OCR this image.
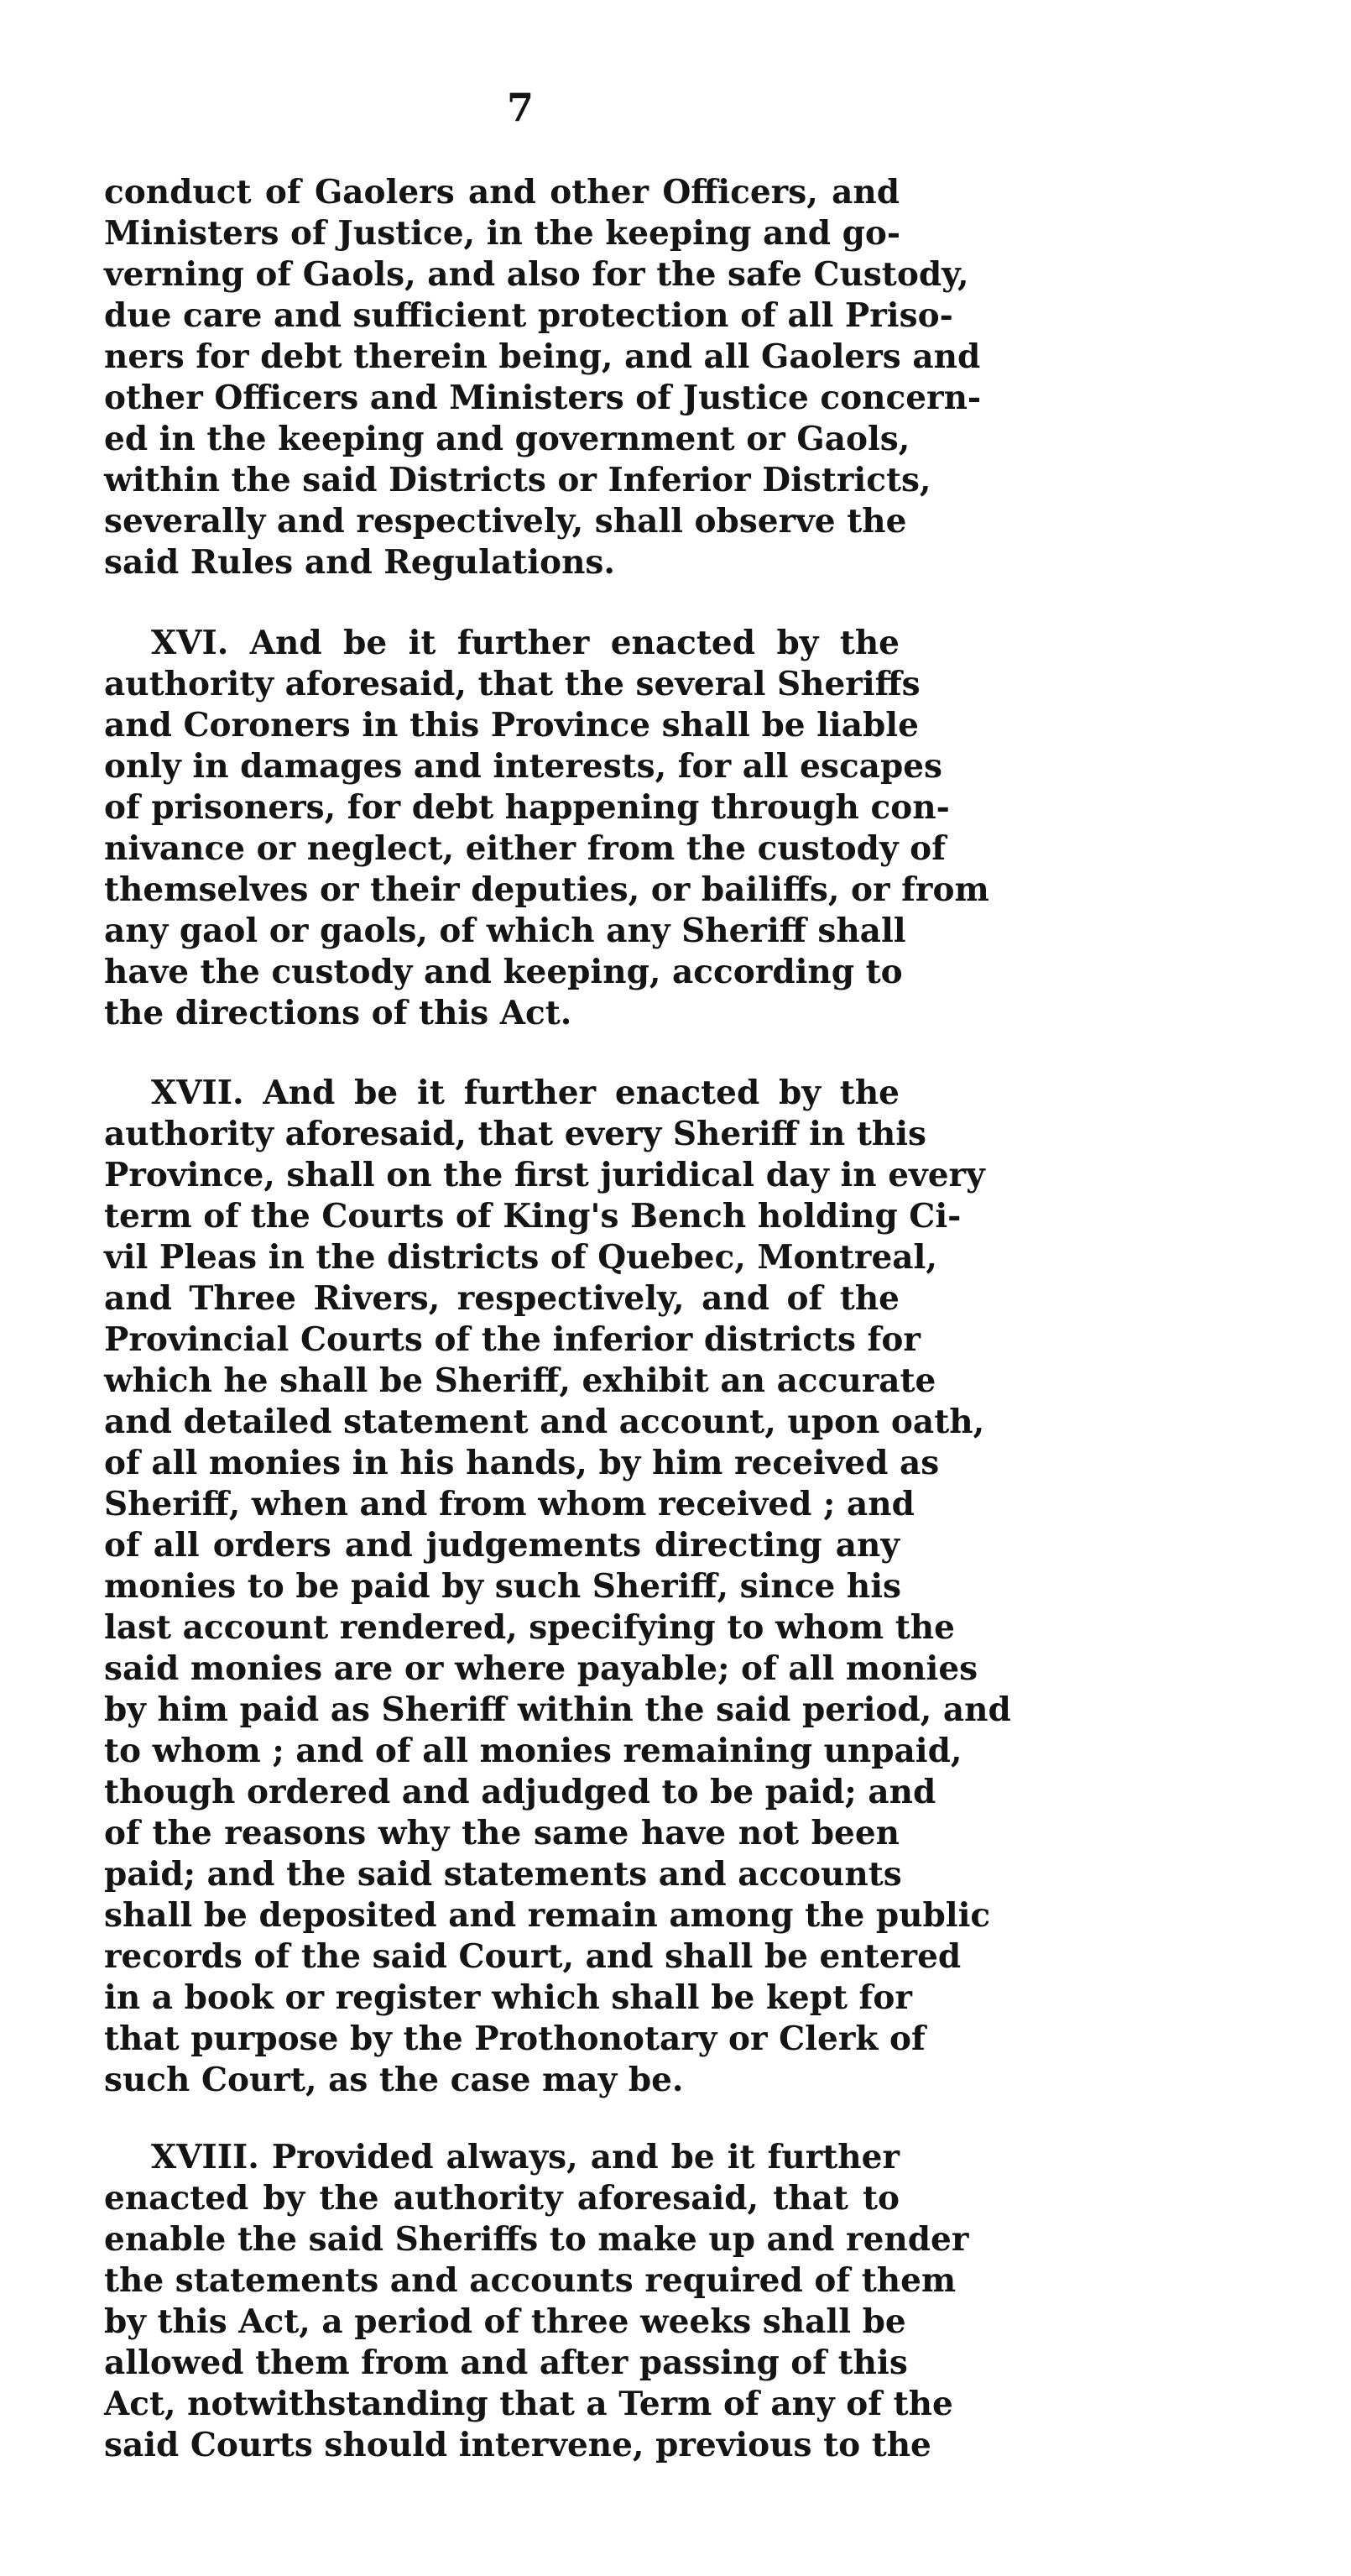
7
conduct of Gaolers and other Officers, and
Ministers of Justice, in the keeping and go-
verning of Gaols, and also for the safe Custody,
due care and sufficient protection of all Priso-
ners for debt therein being, and all Gaolers and
other Officers and Ministers of Justice concern-
ed in the keeping and government or Gaols,
within the said Districts or Inferior Districts,
severally and respectively, shall observe the
said Rules and Regulations.
XVI. And be it further enacted by the
authority aforesaid, that the several Sheriffs
and Coroners in this Province shall be liable
only in damages and interests, for all escapes
of prisoners, for debt happening through con-
nivance or neglect, either from the custody of
themselves or their deputies, or bailiffs, or from
any gaol or gaols, of which any Sheriff shall
have the custody and keeping, according to
the directions of this Act.
XVII. And be it further enacted by the
authority aforesaid, that every Sheriff in this
Province, shall on the first juridical day in every
term of the Courts of King's Bench holding Ci-
vil Pleas in the districts of Quebec, Montreal,
and Three Rivers, respectively, and of the
Provincial Courts of the inferior districts for
which he shall be Sheriff, exhibit an accurate
and detailed statement and account, upon oath,
of all monies in his hands, by him received as
Sheriff, when and from whom received ; and
of all orders and judgements directing any
monies to be paid by such Sheriff, since his
last account rendered, specifying to whom the
said monies are or where payable; of all monies
by him paid as Sheriff within the said period, and
to whom ; and of all monies remaining unpaid,
though ordered and adjudged to be paid; and
of the reasons why the same have not been
paid; and the said statements and accounts
shall be deposited and remain among the public
records of the said Court, and shall be entered
in a book or register which shall be kept for
that purpose by the Prothonotary or Clerk of
such Court, as the case may be.
XVIII. Provided always, and be it further
enacted by the authority aforesaid, that to
enable the said Sheriffs to make up and render
the statements and accounts required of them
by this Act, a period of three weeks shall be
allowed them from and after passing of this
Act, notwithstanding that a Term of any of the
said Courts should intervene, previous to the
